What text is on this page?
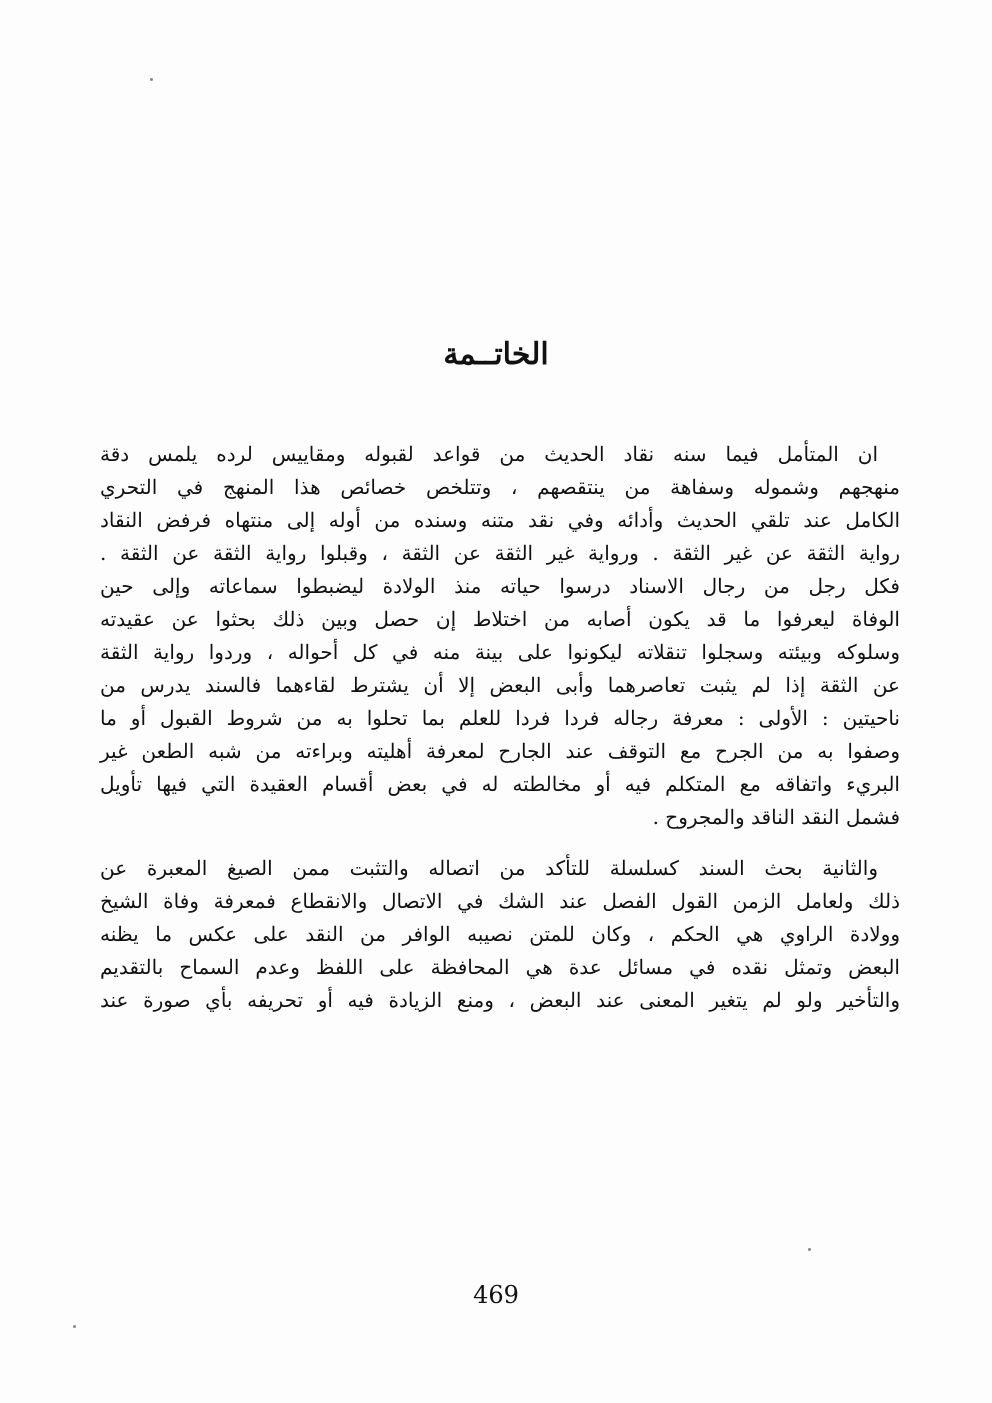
الخاتــمة
ان المتأمل فيما سنه نقاد الحديث من قواعد لقبوله ومقاييس لرده يلمس دقة
منهجهم وشموله وسفاهة من ينتقصهم ، وتتلخص خصائص هذا المنهج في التحري
الكامل عند تلقي الحديث وأدائه وفي نقد متنه وسنده من أوله إلى منتهاه فرفض النقاد
رواية الثقة عن غير الثقة . ورواية غير الثقة عن الثقة ، وقبلوا رواية الثقة عن الثقة .
فكل رجل من رجال الاسناد درسوا حياته منذ الولادة ليضبطوا سماعاته وإلى حين
الوفاة ليعرفوا ما قد يكون أصابه من اختلاط إن حصل وبين ذلك بحثوا عن عقيدته
وسلوكه وبيئته وسجلوا تنقلاته ليكونوا على بينة منه في كل أحواله ، وردوا رواية الثقة
عن الثقة إذا لم يثبت تعاصرهما وأبى البعض إلا أن يشترط لقاءهما فالسند يدرس من
ناحيتين : الأولى : معرفة رجاله فردا فردا للعلم بما تحلوا به من شروط القبول أو ما
وصفوا به من الجرح مع التوقف عند الجارح لمعرفة أهليته وبراءته من شبه الطعن غير
البريء واتفاقه مع المتكلم فيه أو مخالطته له في بعض أقسام العقيدة التي فيها تأويل
فشمل النقد الناقد والمجروح .
والثانية بحث السند كسلسلة للتأكد من اتصاله والتثبت ممن الصيغ المعبرة عن
ذلك ولعامل الزمن القول الفصل عند الشك في الاتصال والانقطاع فمعرفة وفاة الشيخ
وولادة الراوي هي الحكم ، وكان للمتن نصيبه الوافر من النقد على عكس ما يظنه
البعض وتمثل نقده في مسائل عدة هي المحافظة على اللفظ وعدم السماح بالتقديم
والتأخير ولو لم يتغير المعنى عند البعض ، ومنع الزيادة فيه أو تحريفه بأي صورة عند
469
